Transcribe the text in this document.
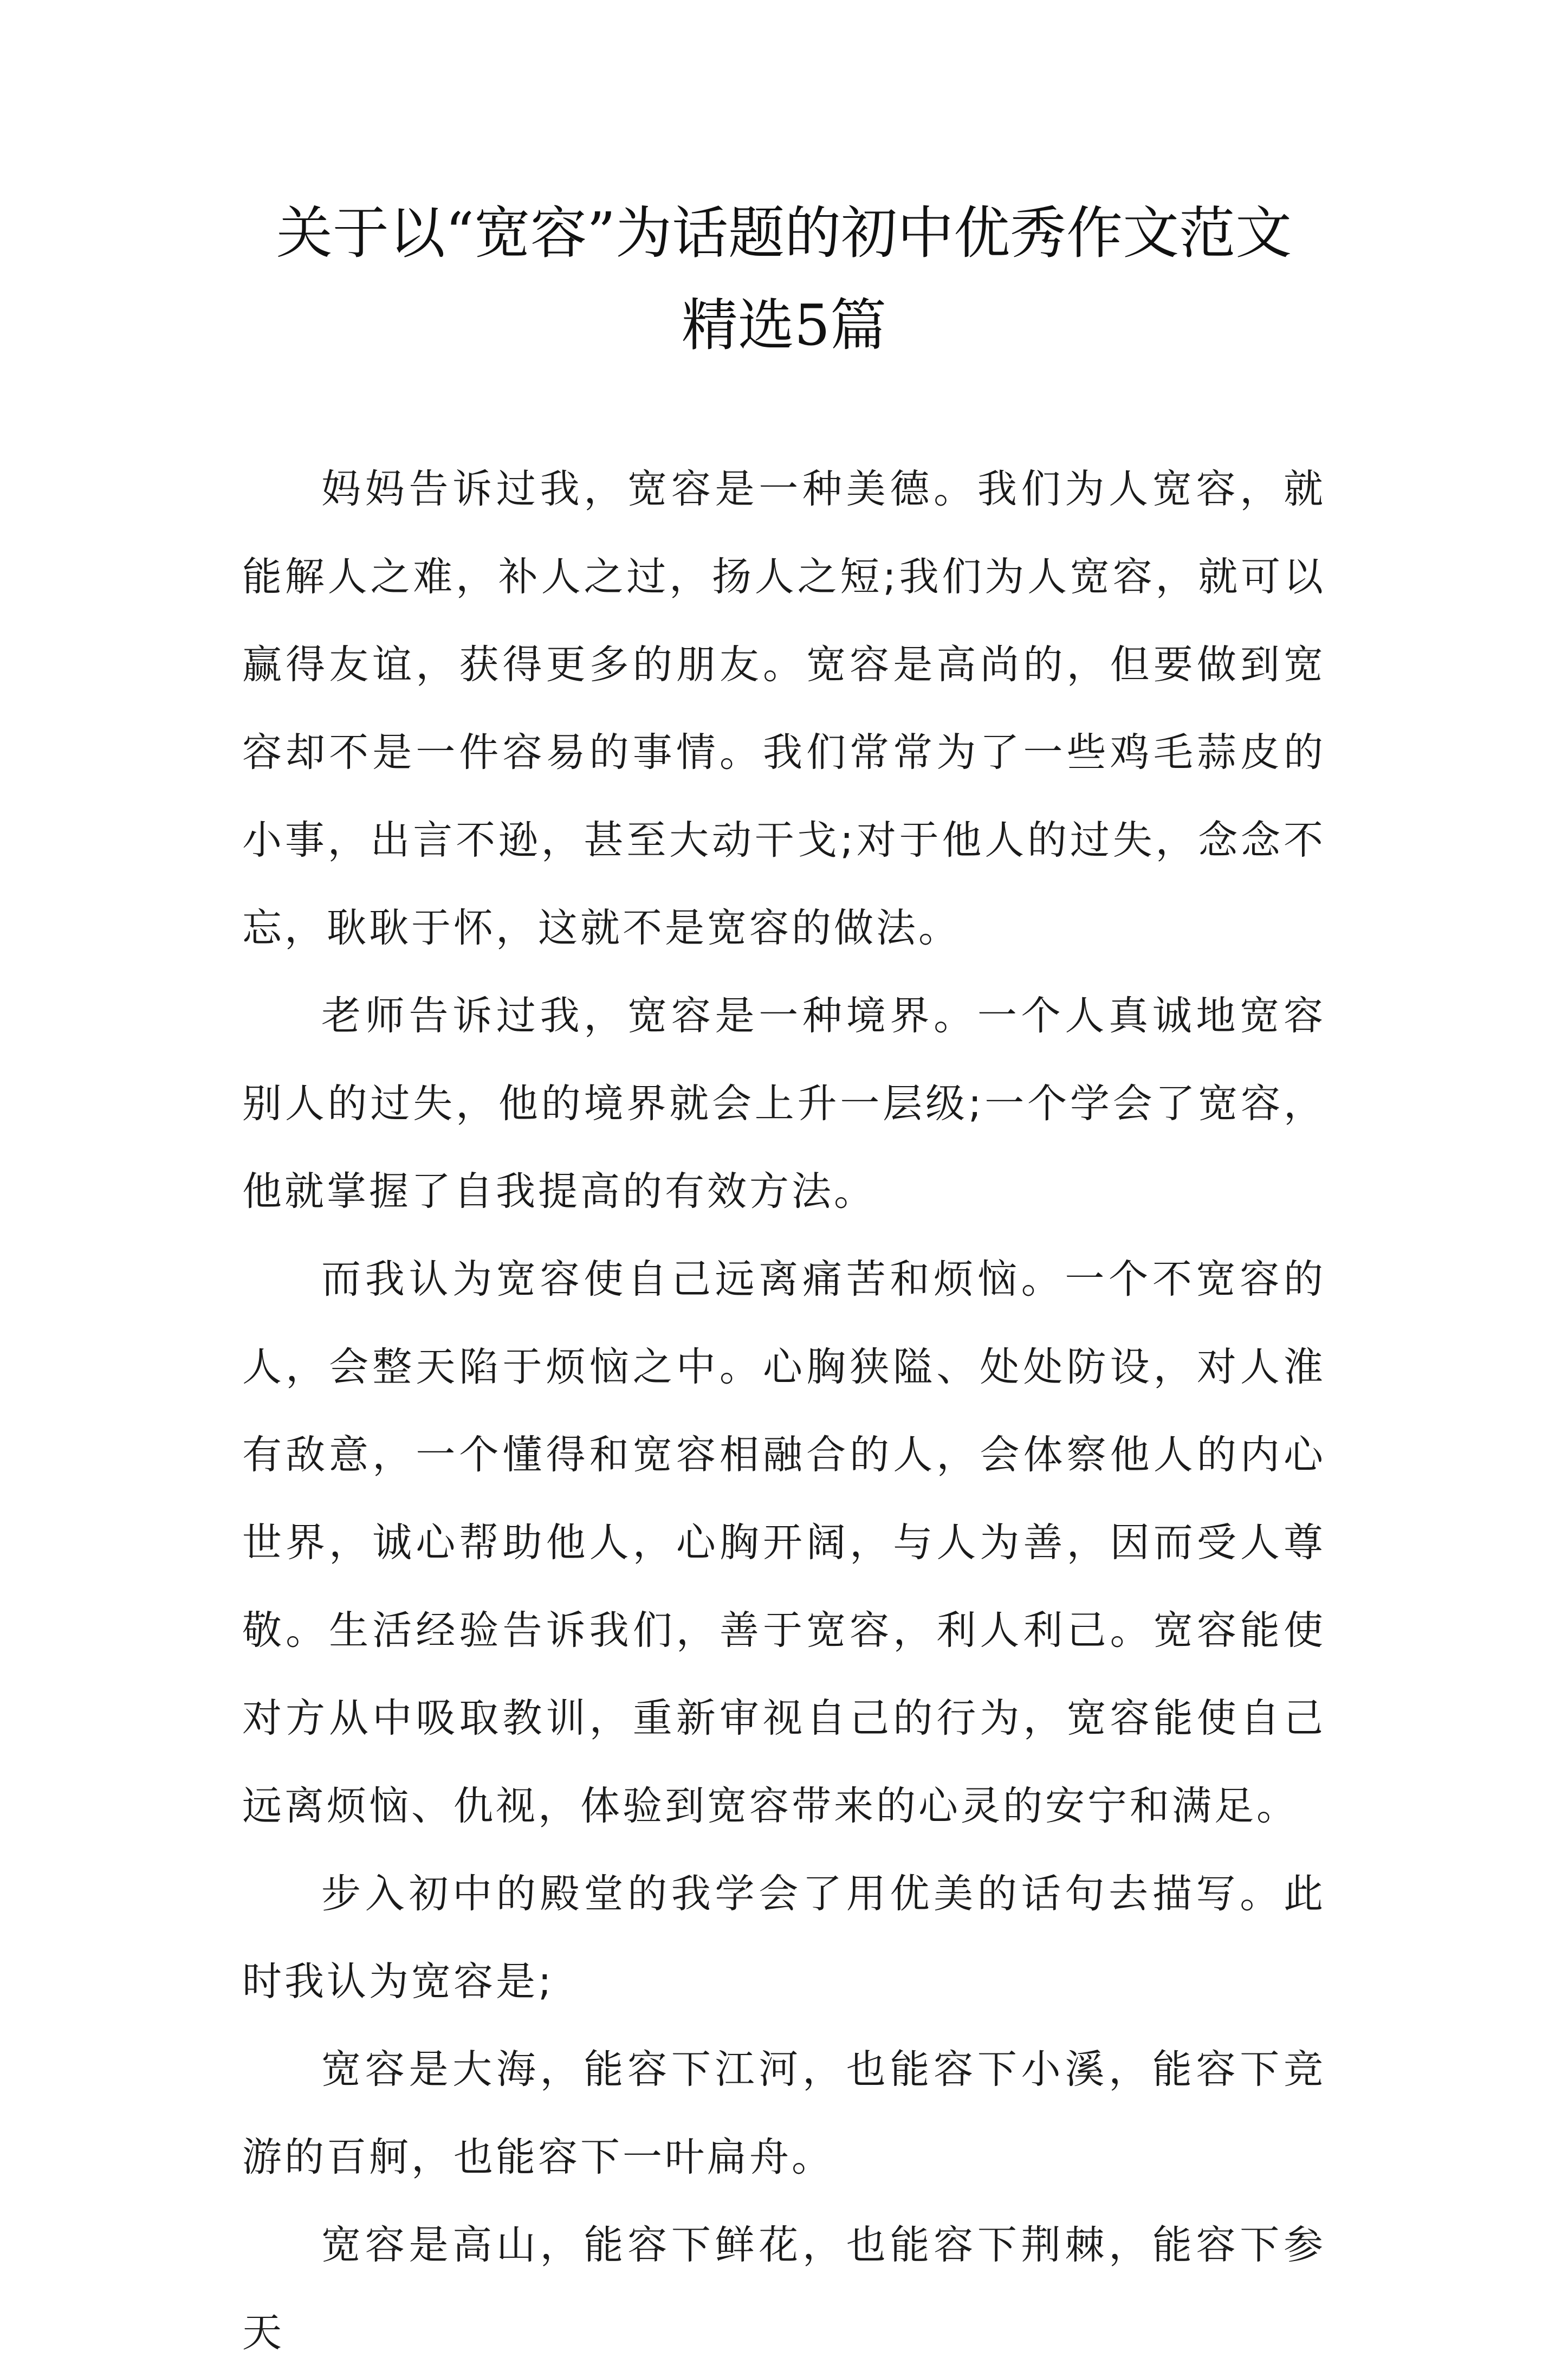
关于以“宽容”为话题的初中优秀作文范文
精选5篇

妈妈告诉过我，宽容是一种美德。我们为人宽容，就能解人之难，补人之过，扬人之短;我们为人宽容，就可以赢得友谊，获得更多的朋友。宽容是高尚的，但要做到宽容却不是一件容易的事情。我们常常为了一些鸡毛蒜皮的小事，出言不逊，甚至大动干戈;对于他人的过失，念念不忘，耿耿于怀，这就不是宽容的做法。

老师告诉过我，宽容是一种境界。一个人真诚地宽容别人的过失，他的境界就会上升一层级;一个学会了宽容，他就掌握了自我提高的有效方法。

而我认为宽容使自己远离痛苦和烦恼。一个不宽容的人，会整天陷于烦恼之中。心胸狭隘、处处防设，对人淮有敌意，一个懂得和宽容相融合的人，会体察他人的内心世界，诚心帮助他人，心胸开阔，与人为善，因而受人尊敬。生活经验告诉我们，善于宽容，利人利己。宽容能使对方从中吸取教训，重新审视自己的行为，宽容能使自己远离烦恼、仇视，体验到宽容带来的心灵的安宁和满足。

步入初中的殿堂的我学会了用优美的话句去描写。此时我认为宽容是;

宽容是大海，能容下江河，也能容下小溪，能容下竞游的百舸，也能容下一叶扁舟。

宽容是高山，能容下鲜花，也能容下荆棘，能容下参天
